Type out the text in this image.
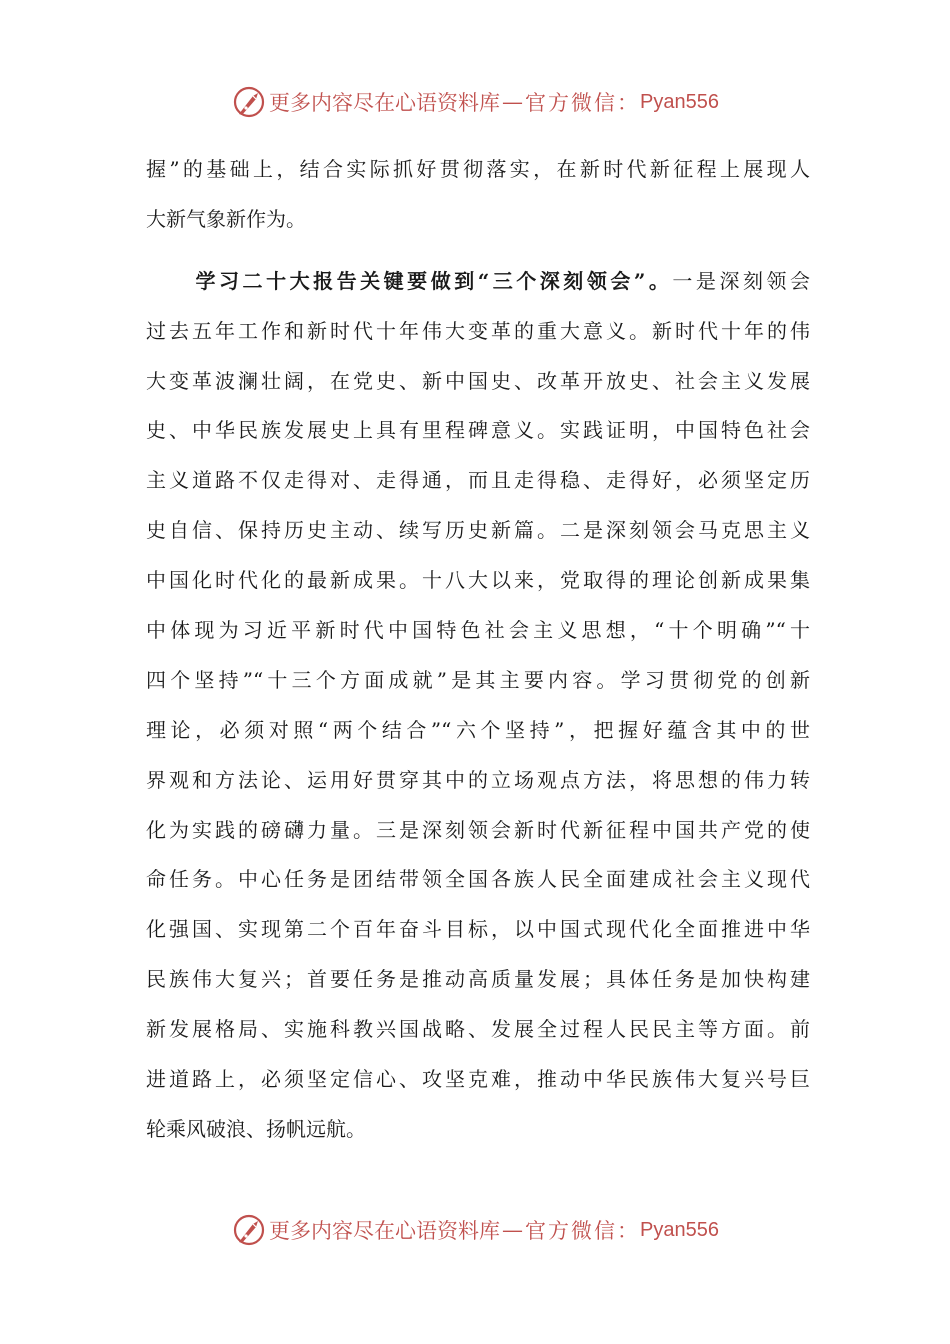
更多内容尽在心语资料库 — 官方微信： Pyan556
握”的基础上，结合实际抓好贯彻落实，在新时代新征程上展现人
大新气象新作为。
学习二十大报告关键要做到“三个深刻领会”。一是深刻领会
过去五年工作和新时代十年伟大变革的重大意义。新时代十年的伟
大变革波澜壮阔，在党史、新中国史、改革开放史、社会主义发展
史、中华民族发展史上具有里程碑意义。实践证明，中国特色社会
主义道路不仅走得对、走得通，而且走得稳、走得好，必须坚定历
史自信、保持历史主动、续写历史新篇。二是深刻领会马克思主义
中国化时代化的最新成果。十八大以来，党取得的理论创新成果集
中体现为习近平新时代中国特色社会主义思想，“十个明确”“十
四个坚持”“十三个方面成就”是其主要内容。学习贯彻党的创新
理论，必须对照“两个结合”“六个坚持”，把握好蕴含其中的世
界观和方法论、运用好贯穿其中的立场观点方法，将思想的伟力转
化为实践的磅礴力量。三是深刻领会新时代新征程中国共产党的使
命任务。中心任务是团结带领全国各族人民全面建成社会主义现代
化强国、实现第二个百年奋斗目标，以中国式现代化全面推进中华
民族伟大复兴；首要任务是推动高质量发展；具体任务是加快构建
新发展格局、实施科教兴国战略、发展全过程人民民主等方面。前
进道路上，必须坚定信心、攻坚克难，推动中华民族伟大复兴号巨
轮乘风破浪、扬帆远航。
更多内容尽在心语资料库 — 官方微信： Pyan556
